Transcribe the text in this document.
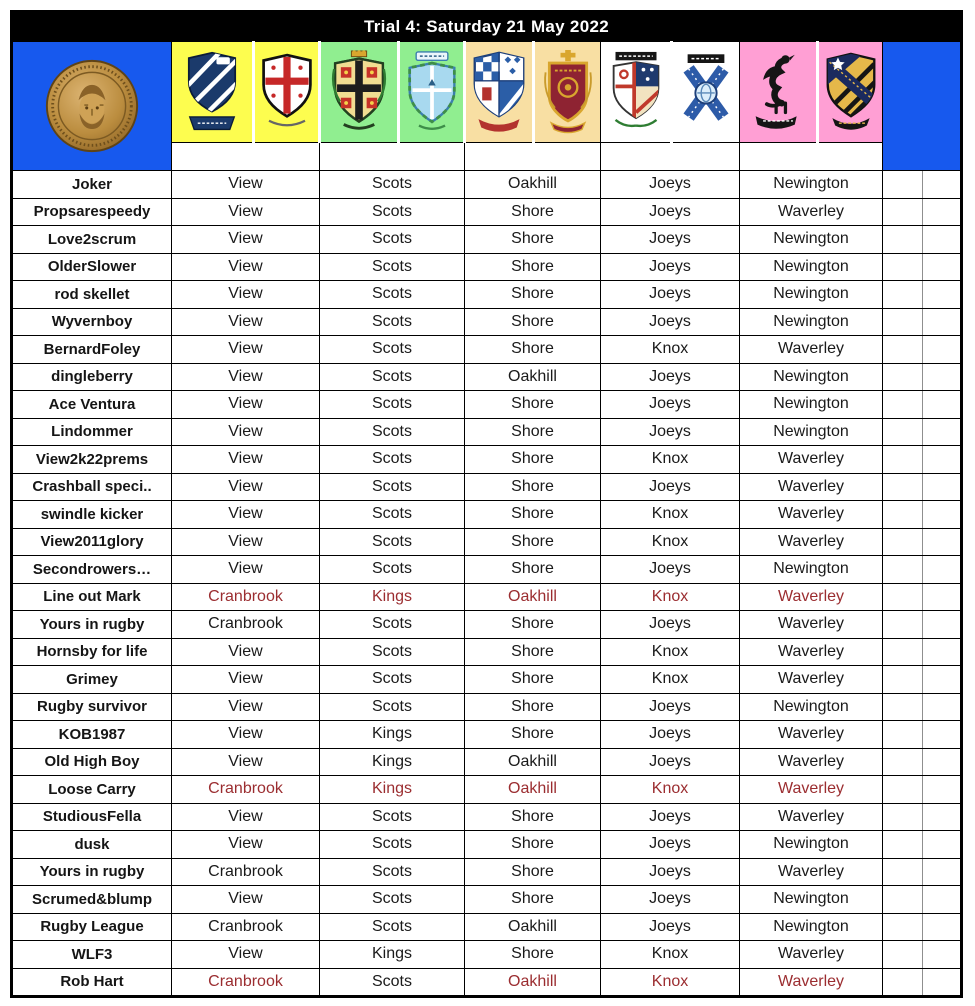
Trial 4: Saturday 21 May 2022												

Joker	View		Scots		Oakhill		Joeys		Newington			
Propsarespeedy	View		Scots		Shore		Joeys		Waverley			
Love2scrum	View		Scots		Shore		Joeys		Newington			
OlderSlower	View		Scots		Shore		Joeys		Newington			
rod skellet	View		Scots		Shore		Joeys		Newington			
Wyvernboy	View		Scots		Shore		Joeys		Newington			
BernardFoley	View		Scots		Shore		Knox		Waverley			
dingleberry	View		Scots		Oakhill		Joeys		Newington			
Ace Ventura	View		Scots		Shore		Joeys		Newington			
Lindommer	View		Scots		Shore		Joeys		Newington			
View2k22prems	View		Scots		Shore		Knox		Waverley			
Crashball speci..	View		Scots		Shore		Joeys		Waverley			
swindle kicker	View		Scots		Shore		Knox		Waverley			
View2011glory	View		Scots		Shore		Knox		Waverley			
Secondrowers…	View		Scots		Shore		Joeys		Newington			
Line out Mark	Cranbrook		Kings		Oakhill		Knox		Waverley			
Yours in rugby	Cranbrook		Scots		Shore		Joeys		Waverley			
Hornsby for life	View		Scots		Shore		Knox		Waverley			
Grimey	View		Scots		Shore		Knox		Waverley			
Rugby survivor	View		Scots		Shore		Joeys		Newington			
KOB1987	View		Kings		Shore		Joeys		Waverley			
Old High Boy	View		Kings		Oakhill		Joeys		Waverley			
Loose Carry	Cranbrook		Kings		Oakhill		Knox		Waverley			
StudiousFella	View		Scots		Shore		Joeys		Waverley			
dusk	View		Scots		Shore		Joeys		Newington			
Yours in rugby	Cranbrook		Scots		Shore		Joeys		Waverley			
Scrumed&blump	View		Scots		Shore		Joeys		Newington			
Rugby League	Cranbrook		Scots		Oakhill		Joeys		Newington			
WLF3	View		Kings		Shore		Knox		Waverley			
Rob Hart	Cranbrook		Scots		Oakhill		Knox		Waverley			
